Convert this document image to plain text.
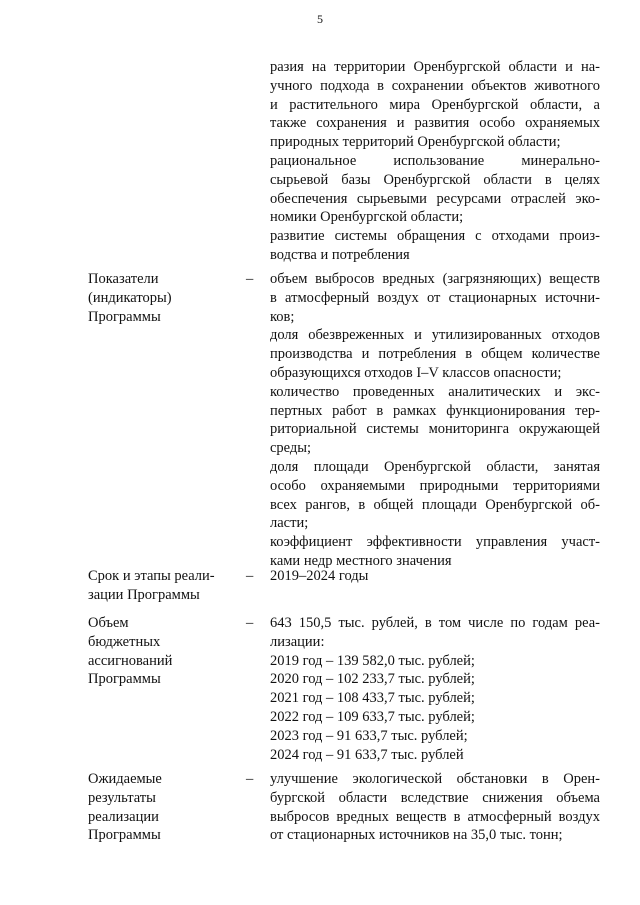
5
разия на территории Оренбургской области и на-
учного подхода в сохранении объектов животного
и растительного мира Оренбургской области, а
также сохранения и развития особо охраняемых
природных территорий Оренбургской области;
рациональное использование минерально-
сырьевой базы Оренбургской области в целях
обеспечения сырьевыми ресурсами отраслей эко-
номики Оренбургской области;
развитие системы обращения с отходами произ-
водства и потребления
Показатели
(индикаторы)
Программы
– объем выбросов вредных (загрязняющих) веществ
в атмосферный воздух от стационарных источни-
ков;
доля обезвреженных и утилизированных отходов
производства и потребления в общем количестве
образующихся отходов I–V классов опасности;
количество проведенных аналитических и экс-
пертных работ в рамках функционирования тер-
риториальной системы мониторинга окружающей
среды;
доля площади Оренбургской области, занятая
особо охраняемыми природными территориями
всех рангов, в общей площади Оренбургской об-
ласти;
коэффициент эффективности управления участ-
ками недр местного значения
Срок и этапы реали-
зации Программы
– 2019–2024 годы
Объем
бюджетных
ассигнований
Программы
– 643 150,5 тыс. рублей, в том числе по годам реа-
лизации:
2019 год – 139 582,0 тыс. рублей;
2020 год – 102 233,7 тыс. рублей;
2021 год – 108 433,7 тыс. рублей;
2022 год – 109 633,7 тыс. рублей;
2023 год – 91 633,7 тыс. рублей;
2024 год – 91 633,7 тыс. рублей
Ожидаемые
результаты
реализации
Программы
– улучшение экологической обстановки в Орен-
бургской области вследствие снижения объема
выбросов вредных веществ в атмосферный воздух
от стационарных источников на 35,0 тыс. тонн;
